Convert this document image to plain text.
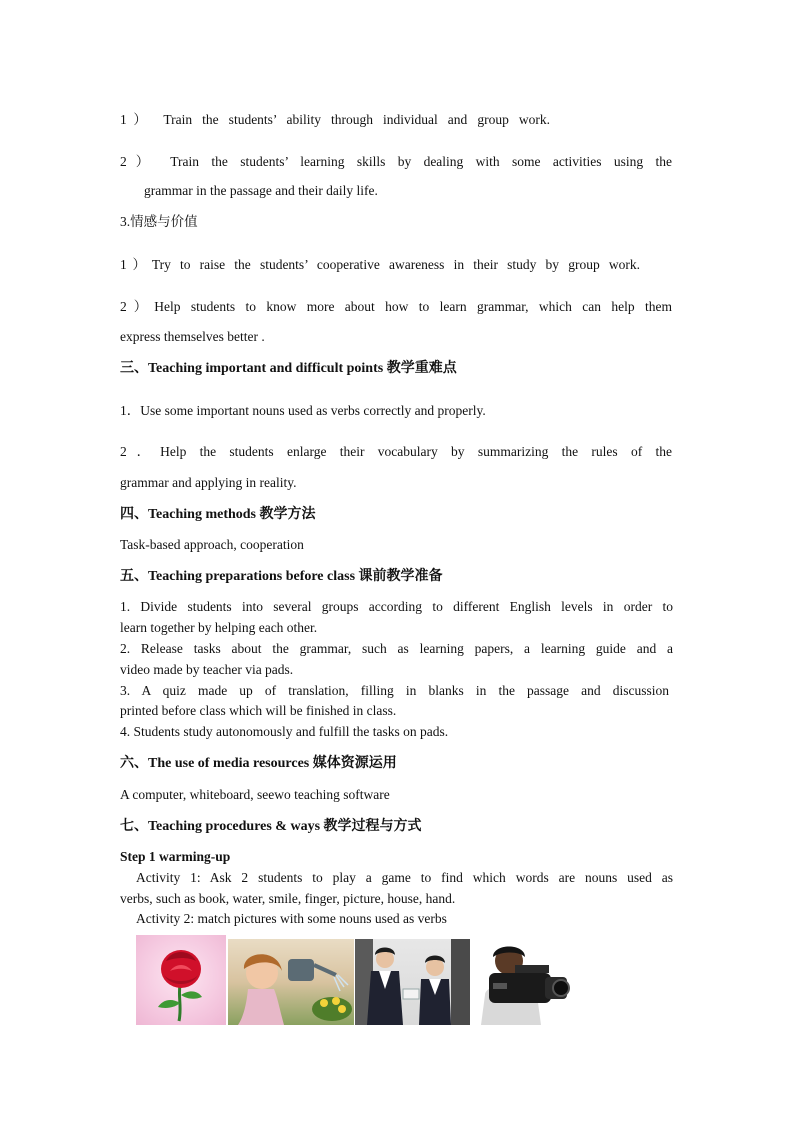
1） Train the students’ ability through individual and group work.
2） Train the students’ learning skills by dealing with some activities using the
grammar in the passage and their daily life.
3.情感与价值
1）Try to raise the students’ cooperative awareness in their study by group work.
2）Help students to know more about how to learn grammar, which can help them
express themselves better .
三、Teaching important and difficult points 教学重难点
1．Use some important nouns used as verbs correctly and properly.
2．Help the students enlarge their vocabulary by summarizing the rules of the
grammar and applying in reality.
四、Teaching methods 教学方法
Task-based approach, cooperation
五、Teaching preparations before class 课前教学准备
1. Divide students into several groups according to different English levels in order to
learn together by helping each other.
2. Release tasks about the grammar, such as learning papers, a learning guide and a
video made by teacher via pads.
3. A quiz made up of translation, filling in blanks in the passage and discussion
printed before class which will be finished in class.
4. Students study autonomously and fulfill the tasks on pads.
六、The use of media resources 媒体资源运用
A computer, whiteboard, seewo teaching software
七、Teaching procedures & ways 教学过程与方式
Step 1 warming-up
Activity 1: Ask 2 students to play a game to find which words are nouns used as
verbs, such as book, water, smile, finger, picture, house, hand.
Activity 2: match pictures with some nouns used as verbs
